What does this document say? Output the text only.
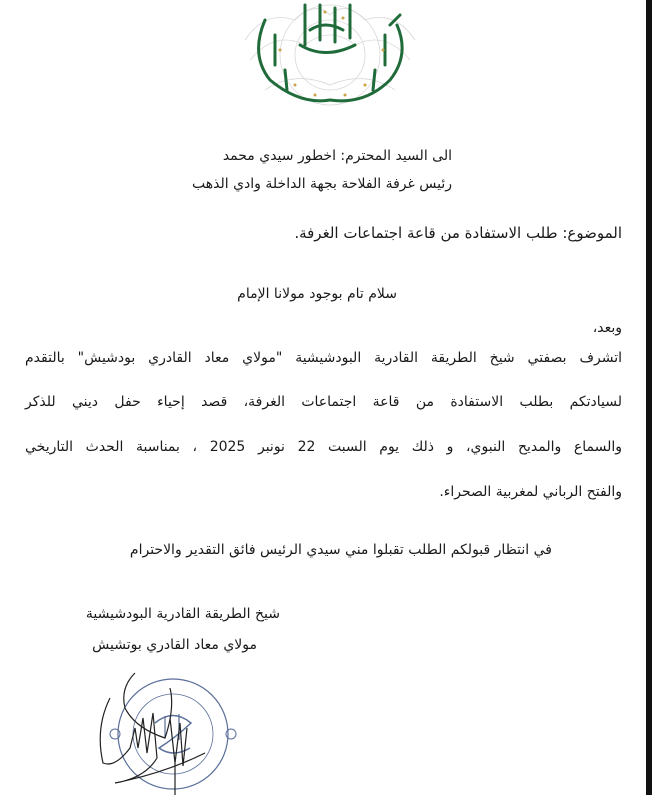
الى السيد المحترم: اخطور سيدي محمد
رئيس غرفة الفلاحة بجهة الداخلة وادي الذهب
الموضوع: طلب الاستفادة من قاعة اجتماعات الغرفة.
سلام تام بوجود مولانا الإمام
وبعد،
اتشرف بصفتي شيخ الطريقة القادرية البودشيشية "مولاي معاد القادري بودشيش" بالتقدم
لسيادتكم بطلب الاستفادة من قاعة اجتماعات الغرفة، قصد إحياء حفل ديني للذكر
والسماع والمديح النبوي، و ذلك يوم السبت 22 نونبر 2025 ، بمناسبة الحدث التاريخي
والفتح الرباني لمغربية الصحراء.
في انتظار قبولكم الطلب تقبلوا مني سيدي الرئيس فائق التقدير والاحترام
شيخ الطريقة القادرية البودشيشية
مولاي معاد القادري بوتشيش
